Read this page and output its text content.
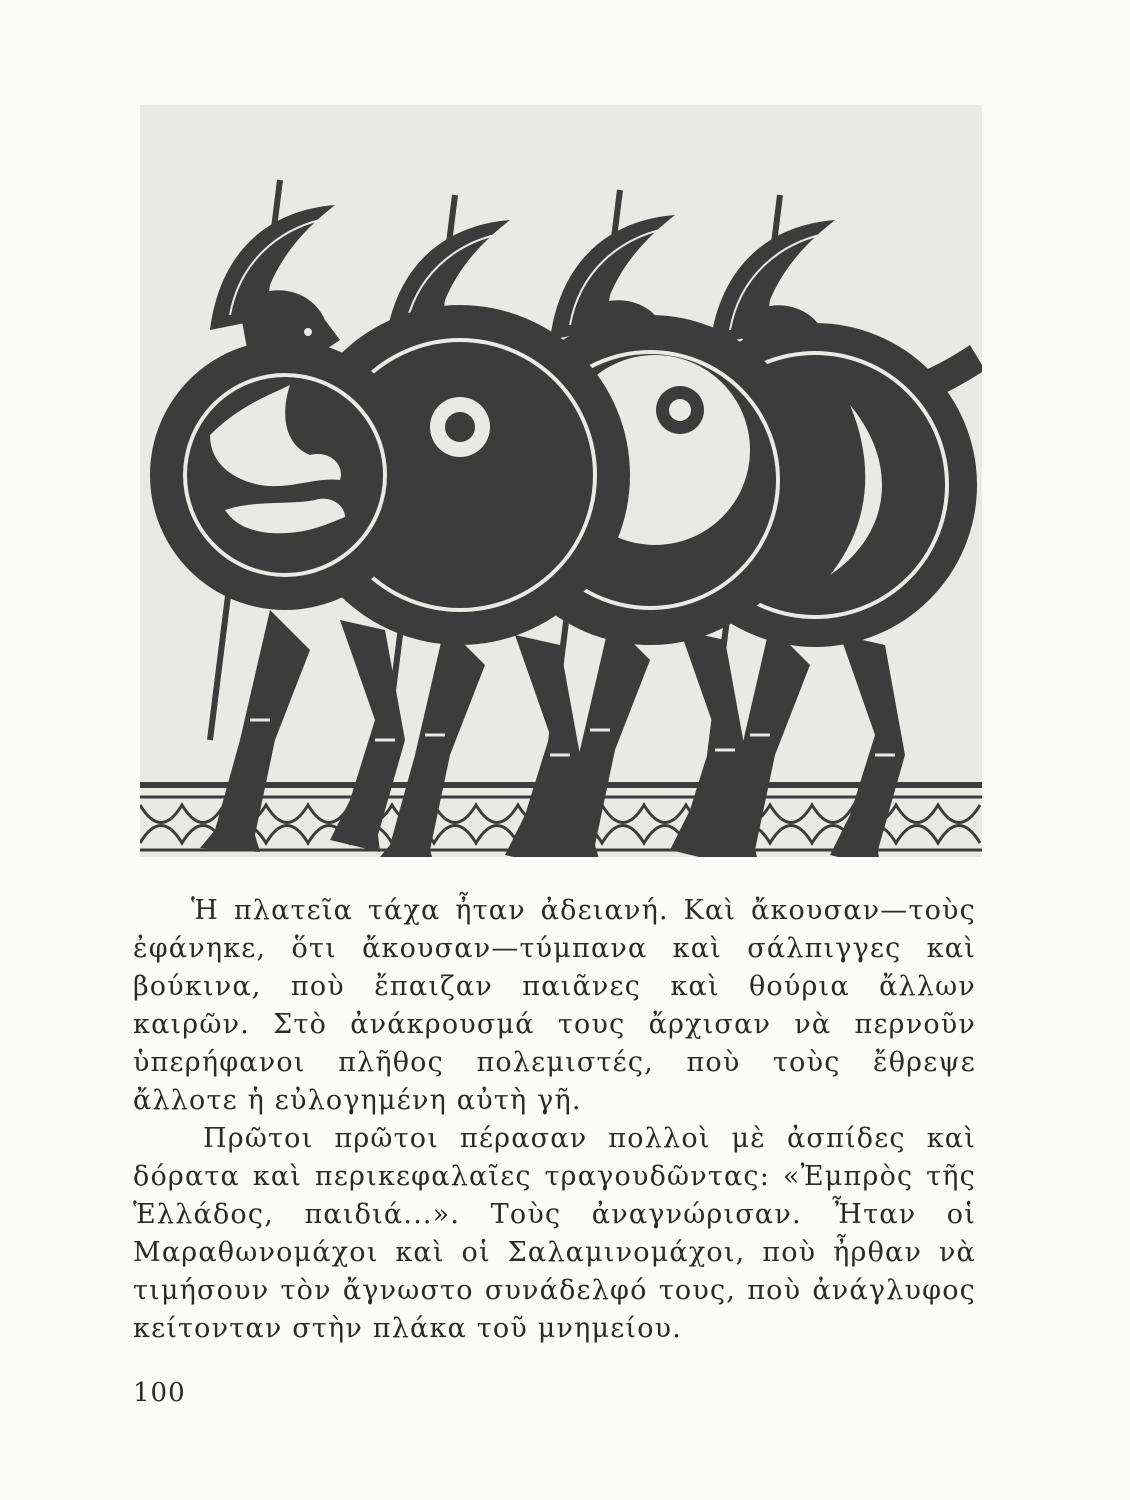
Ἡ πλατεῖα τάχα ἦταν ἀδειανή. Καὶ ἄκουσαν—τοὺς ἐφάνηκε, ὅτι ἄκουσαν—τύμπανα καὶ σάλπιγγες καὶ βούκινα, ποὺ ἔπαιζαν παιᾶνες καὶ θούρια ἄλλων καιρῶν. Στὸ ἀνάκρουσμά τους ἄρχισαν νὰ περνοῦν ὑπερήφανοι πλῆθος πολεμιστές, ποὺ τοὺς ἔθρεψε ἄλλοτε ἡ εὐλογημένη αὐτὴ γῆ.

Πρῶτοι πρῶτοι πέρασαν πολλοὶ μὲ ἀσπίδες καὶ δόρατα καὶ περικεφαλαῖες τραγουδῶντας: «Ἐμπρὸς τῆς Ἑλλάδος, παιδιά...». Τοὺς ἀναγνώρισαν. Ἦταν οἱ Μαραθωνομάχοι καὶ οἱ Σαλαμινομάχοι, ποὺ ἦρθαν νὰ τιμήσουν τὸν ἄγνωστο συνάδελφό τους, ποὺ ἀνάγλυφος κείτονταν στὴν πλάκα τοῦ μνημείου.

100
